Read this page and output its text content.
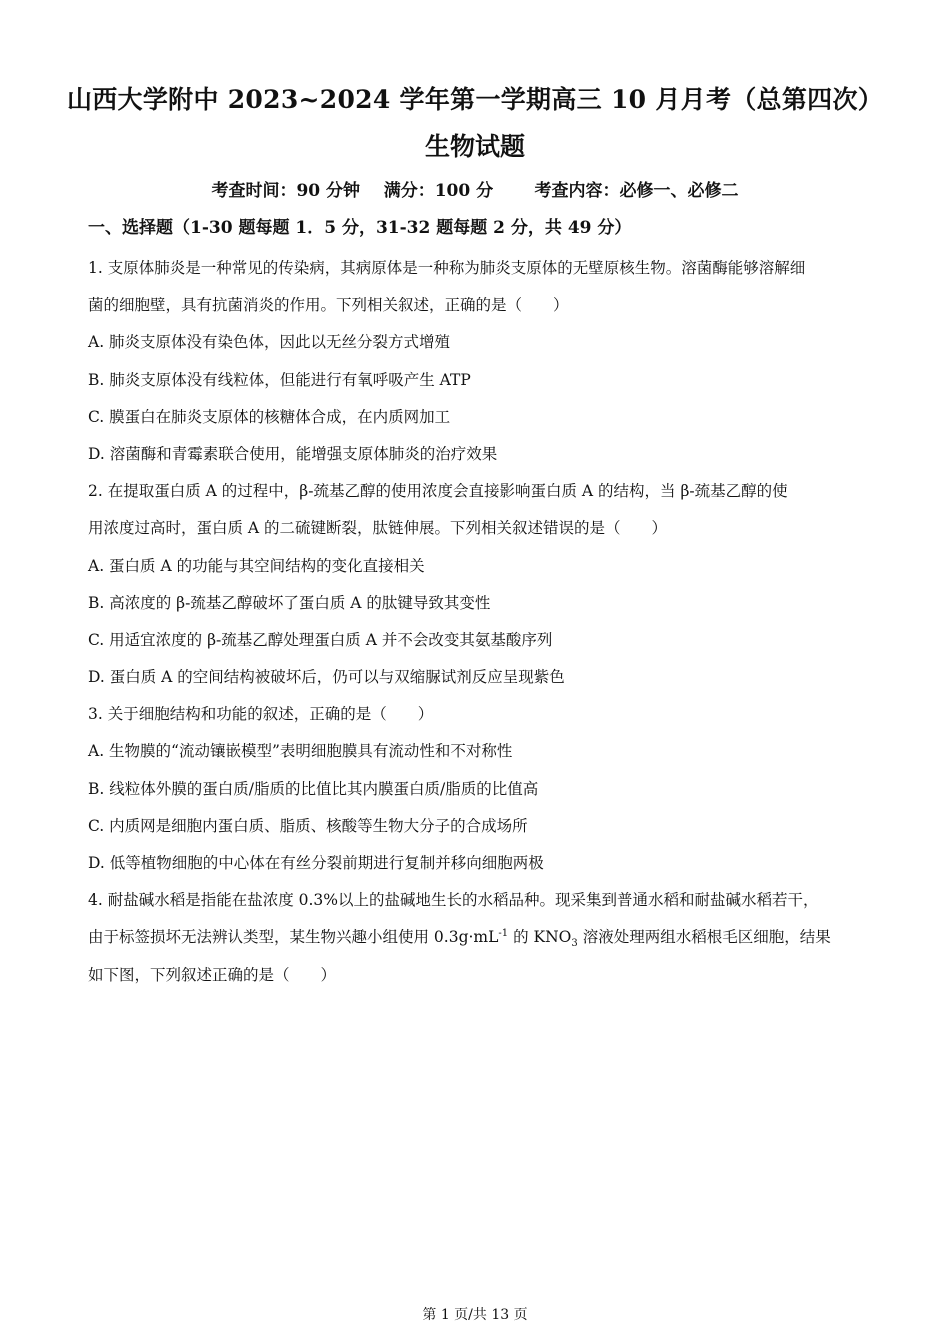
山西大学附中 2023~2024 学年第一学期高三 10 月月考（总第四次）
生物试题
考查时间：90 分钟    满分：100 分       考查内容：必修一、必修二
一、选择题（1-30 题每题 1．5 分，31-32 题每题 2 分，共 49 分）
1. 支原体肺炎是一种常见的传染病，其病原体是一种称为肺炎支原体的无壁原核生物。溶菌酶能够溶解细
菌的细胞壁，具有抗菌消炎的作用。下列相关叙述，正确的是（　　）
A. 肺炎支原体没有染色体，因此以无丝分裂方式增殖
B. 肺炎支原体没有线粒体，但能进行有氧呼吸产生 ATP
C. 膜蛋白在肺炎支原体的核糖体合成，在内质网加工
D. 溶菌酶和青霉素联合使用，能增强支原体肺炎的治疗效果
2. 在提取蛋白质 A 的过程中，β-巯基乙醇的使用浓度会直接影响蛋白质 A 的结构，当 β-巯基乙醇的使
用浓度过高时，蛋白质 A 的二硫键断裂，肽链伸展。下列相关叙述错误的是（　　）
A. 蛋白质 A 的功能与其空间结构的变化直接相关
B. 高浓度的 β-巯基乙醇破坏了蛋白质 A 的肽键导致其变性
C. 用适宜浓度的 β-巯基乙醇处理蛋白质 A 并不会改变其氨基酸序列
D. 蛋白质 A 的空间结构被破坏后，仍可以与双缩脲试剂反应呈现紫色
3. 关于细胞结构和功能的叙述，正确的是（　　）
A. 生物膜的“流动镶嵌模型”表明细胞膜具有流动性和不对称性
B. 线粒体外膜的蛋白质/脂质的比值比其内膜蛋白质/脂质的比值高
C. 内质网是细胞内蛋白质、脂质、核酸等生物大分子的合成场所
D. 低等植物细胞的中心体在有丝分裂前期进行复制并移向细胞两极
4. 耐盐碱水稻是指能在盐浓度 0.3%以上的盐碱地生长的水稻品种。现采集到普通水稻和耐盐碱水稻若干，
由于标签损坏无法辨认类型，某生物兴趣小组使用 $0.3g\cdot mL^{-1}$ 的 $KNO_3$ 溶液处理两组水稻根毛区细胞，结果
如下图，下列叙述正确的是（　　）
第 1 页/共 13 页
